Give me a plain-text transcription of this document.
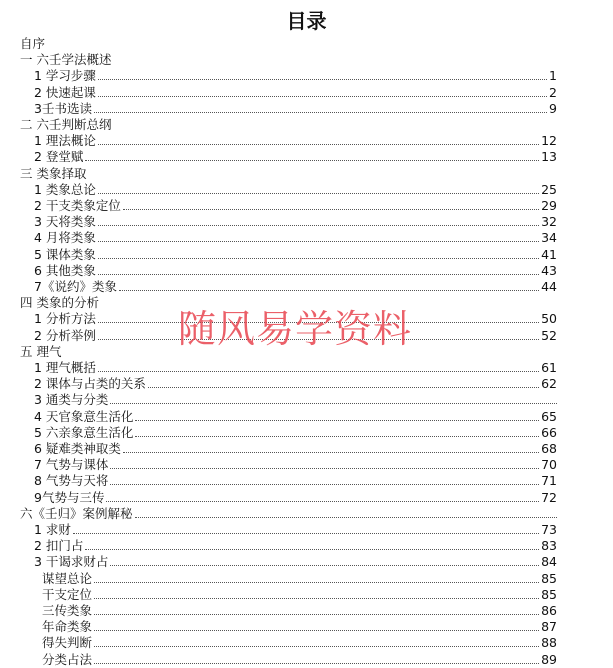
目录
自序
一 六壬学法概述
1 学习步骤	1
2 快速起课	2
3壬书选读	9
二 六壬判断总纲
1 理法概论	12
2 登堂赋	13
三 类象择取
1 类象总论	25
2 干支类象定位	29
3 天将类象	32
4 月将类象	34
5 课体类象	41
6 其他类象	43
7《说约》类象	44
四 类象的分析
1 分析方法	50
2 分析举例	52
五 理气
1 理气概括	61
2 课体与占类的关系	62
3 通类与分类
4 天官象意生活化	65
5 六亲象意生活化	66
6 疑难类神取类	68
7 气势与课体	70
8 气势与天将	71
9气势与三传	72
六《壬归》案例解秘
1 求财	73
2 扣门占	83
3 干谒求财占	84
谋望总论	85
干支定位	85
三传类象	86
年命类象	87
得失判断	88
分类占法	89
随风易学资料
